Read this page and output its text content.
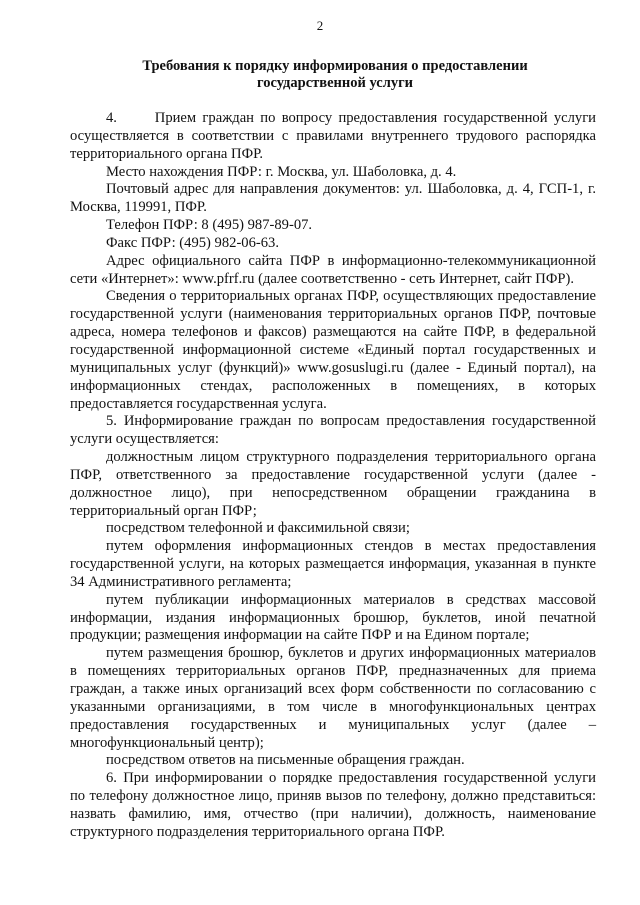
2
Требования к порядку информирования о предоставлении
государственной услуги

4.      Прием граждан по вопросу предоставления государственной услуги осуществляется в соответствии с правилами внутреннего трудового распорядка территориального органа ПФР.

Место нахождения ПФР: г. Москва, ул. Шаболовка, д. 4.

Почтовый адрес для направления документов: ул. Шаболовка, д. 4, ГСП-1, г. Москва, 119991, ПФР.

Телефон ПФР: 8 (495) 987-89-07.

Факс ПФР: (495) 982-06-63.

Адрес официального сайта ПФР в информационно-телекоммуникационной сети «Интернет»: www.pfrf.ru (далее соответственно - сеть Интернет, сайт ПФР).

Сведения о территориальных органах ПФР, осуществляющих предоставление государственной услуги (наименования территориальных органов ПФР, почтовые адреса, номера телефонов и факсов) размещаются на сайте ПФР, в федеральной государственной информационной системе «Единый портал государственных и муниципальных услуг (функций)» www.gosuslugi.ru (далее - Единый портал), на информационных стендах, расположенных в помещениях, в которых предоставляется государственная услуга.

5. Информирование граждан по вопросам предоставления государственной услуги осуществляется:

должностным лицом структурного подразделения территориального органа ПФР, ответственного за предоставление государственной услуги (далее - должностное лицо), при непосредственном обращении гражданина в территориальный орган ПФР;

посредством телефонной и факсимильной связи;

путем оформления информационных стендов в местах предоставления государственной услуги, на которых размещается информация, указанная в пункте 34 Административного регламента;

путем публикации информационных материалов в средствах массовой информации, издания информационных брошюр, буклетов, иной печатной продукции; размещения информации на сайте ПФР и на Едином портале;

путем размещения брошюр, буклетов и других информационных материалов в помещениях территориальных органов ПФР, предназначенных для приема граждан, а также иных организаций всех форм собственности по согласованию с указанными организациями, в том числе в многофункциональных центрах предоставления государственных и муниципальных услуг (далее – многофункциональный центр);

посредством ответов на письменные обращения граждан.

6. При информировании о порядке предоставления государственной услуги по телефону должностное лицо, приняв вызов по телефону, должно представиться: назвать фамилию, имя, отчество (при наличии), должность, наименование структурного подразделения территориального органа ПФР.
